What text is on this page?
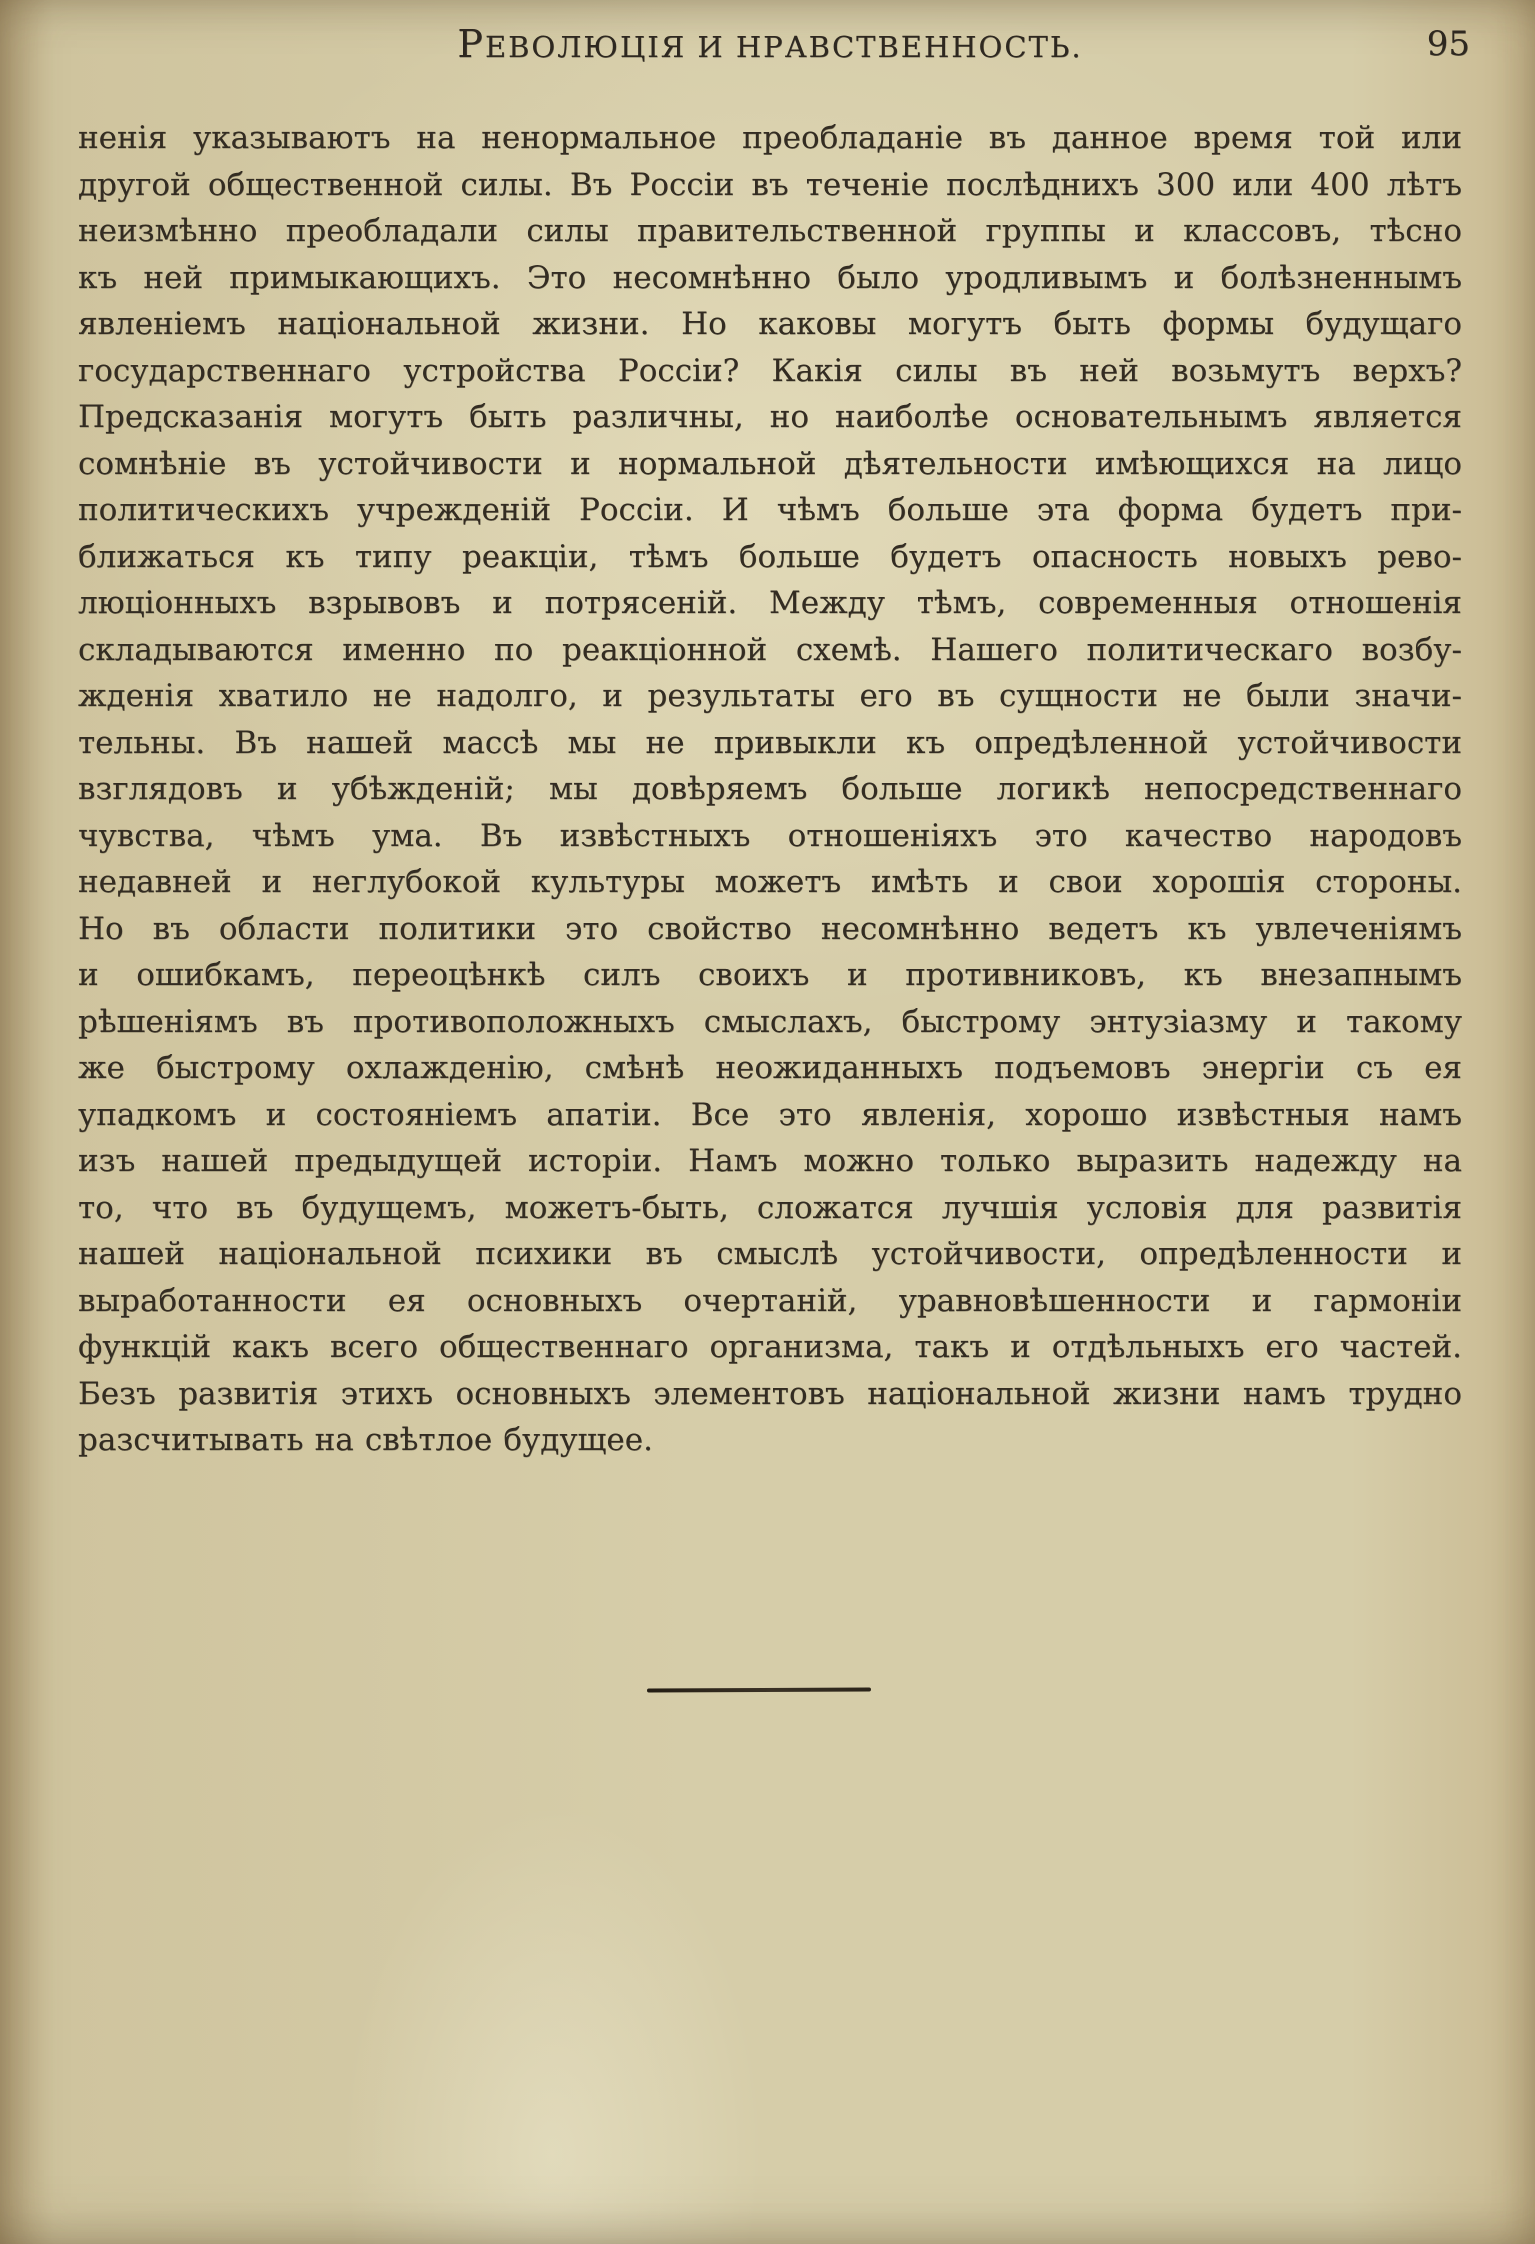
РЕВОЛЮЦІЯ И НРАВСТВЕННОСТЬ.	95
ненія указываютъ на ненормальное преобладаніе въ данное время той или
другой общественной силы. Въ Россіи въ теченіе послѣднихъ 300 или 400 лѣтъ
неизмѣнно преобладали силы правительственной группы и классовъ, тѣсно
къ ней примыкающихъ. Это несомнѣнно было уродливымъ и болѣзненнымъ
явленіемъ національной жизни. Но каковы могутъ быть формы будущаго
государственнаго устройства Россіи? Какія силы въ ней возьмутъ верхъ?
Предсказанія могутъ быть различны, но наиболѣе основательнымъ является
сомнѣніе въ устойчивости и нормальной дѣятельности имѣющихся на лицо
политическихъ учрежденій Россіи. И чѣмъ больше эта форма будетъ при-
ближаться къ типу реакціи, тѣмъ больше будетъ опасность новыхъ рево-
люціонныхъ взрывовъ и потрясеній. Между тѣмъ, современныя отношенія
складываются именно по реакціонной схемѣ. Нашего политическаго возбу-
жденія хватило не надолго, и результаты его въ сущности не были значи-
тельны. Въ нашей массѣ мы не привыкли къ опредѣленной устойчивости
взглядовъ и убѣжденій; мы довѣряемъ больше логикѣ непосредственнаго
чувства, чѣмъ ума. Въ извѣстныхъ отношеніяхъ это качество народовъ
недавней и неглубокой культуры можетъ имѣть и свои хорошія стороны.
Но въ области политики это свойство несомнѣнно ведетъ къ увлеченіямъ
и ошибкамъ, переоцѣнкѣ силъ своихъ и противниковъ, къ внезапнымъ
рѣшеніямъ въ противоположныхъ смыслахъ, быстрому энтузіазму и такому
же быстрому охлажденію, смѣнѣ неожиданныхъ подъемовъ энергіи съ ея
упадкомъ и состояніемъ апатіи. Все это явленія, хорошо извѣстныя намъ
изъ нашей предыдущей исторіи. Намъ можно только выразить надежду на
то, что въ будущемъ, можетъ-быть, сложатся лучшія условія для развитія
нашей національной психики въ смыслѣ устойчивости, опредѣленности и
выработанности ея основныхъ очертаній, уравновѣшенности и гармоніи
функцій какъ всего общественнаго организма, такъ и отдѣльныхъ его частей.
Безъ развитія этихъ основныхъ элементовъ національной жизни намъ трудно
разсчитывать на свѣтлое будущее.
